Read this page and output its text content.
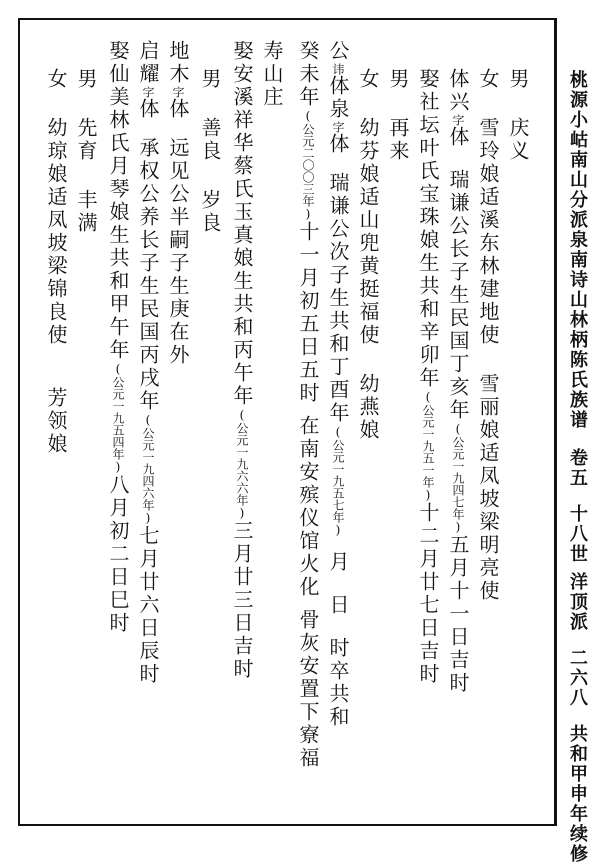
桃源小岵南山分派泉南诗山林柄陈氏族谱卷五十八世洋顶派二六八共和甲申年续修
男庆义
女雪玲娘适溪东林建地使雪丽娘适凤坡梁明亮使
体兴字体瑞谦公长子生民国丁亥年(公元一九四七年)五月十一日吉时
娶社坛叶氏宝珠娘生共和辛卯年(公元一九五一年)十二月廿七日吉时
男再来
女幼芬娘适山兜黄挺福使幼燕娘
公讳体泉字体瑞谦公次子生共和丁酉年(公元一九五七年)月日时卒共和
癸未年(公元二〇〇三年)十一月初五日五时在南安殡仪馆火化骨灰安置下寮福
寿山庄
娶安溪祥华蔡氏玉真娘生共和丙午年(公元一九六六年)三月廿三日吉时
男善良岁良
地木字体远见公半嗣子生庚在外
启耀字体承权公养长子生民国丙戌年(公元一九四六年)七月廿六日辰时
娶仙美林氏月琴娘生共和甲午年(公元一九五四年)八月初二日巳时
男先育丰满
女幼琼娘适凤坡梁锦良使芳领娘
